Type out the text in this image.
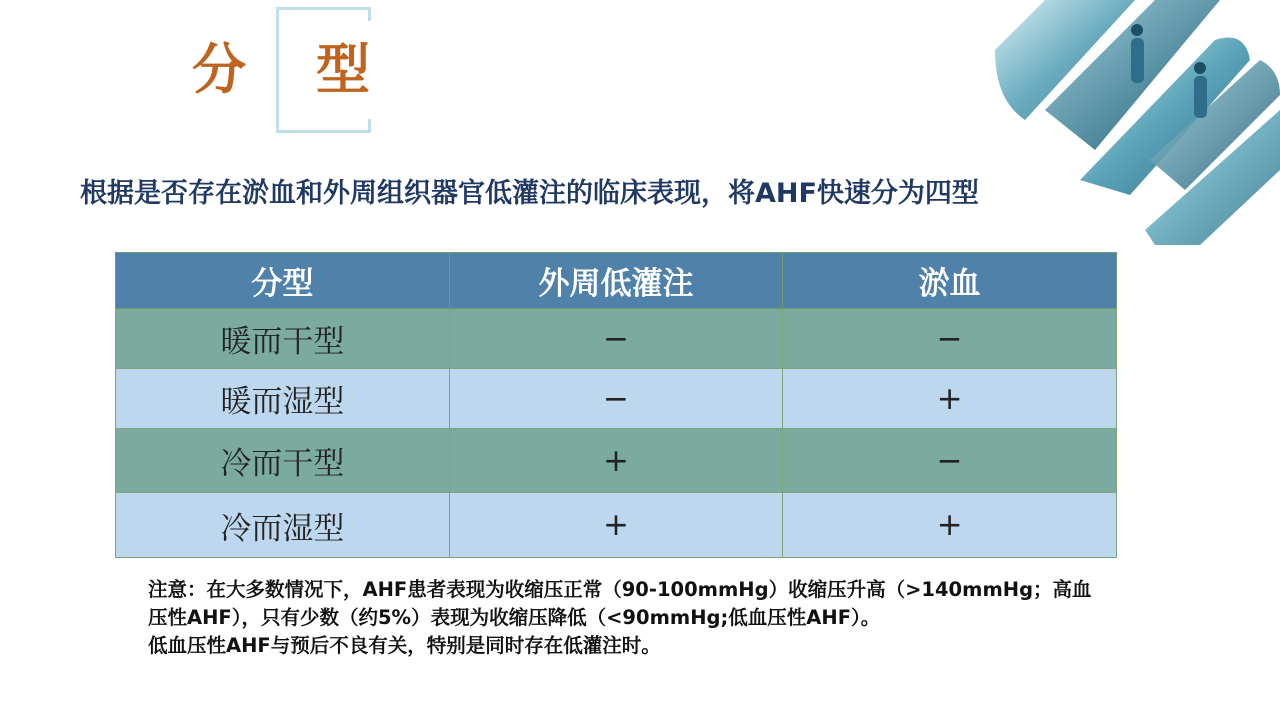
分	型
根据是否存在淤血和外周组织器官低灌注的临床表现，将AHF快速分为四型
分型	外周低灌注	淤血
暖而干型	−	−
暖而湿型	−	+
冷而干型	+	−
冷而湿型	+	+

注意：在大多数情况下，AHF患者表现为收缩压正常（90-100mmHg）收缩压升高（>140mmHg；高血压性AHF），只有少数（约5%）表现为收缩压降低（<90mmHg;低血压性AHF）。

低血压性AHF与预后不良有关，特别是同时存在低灌注时。
